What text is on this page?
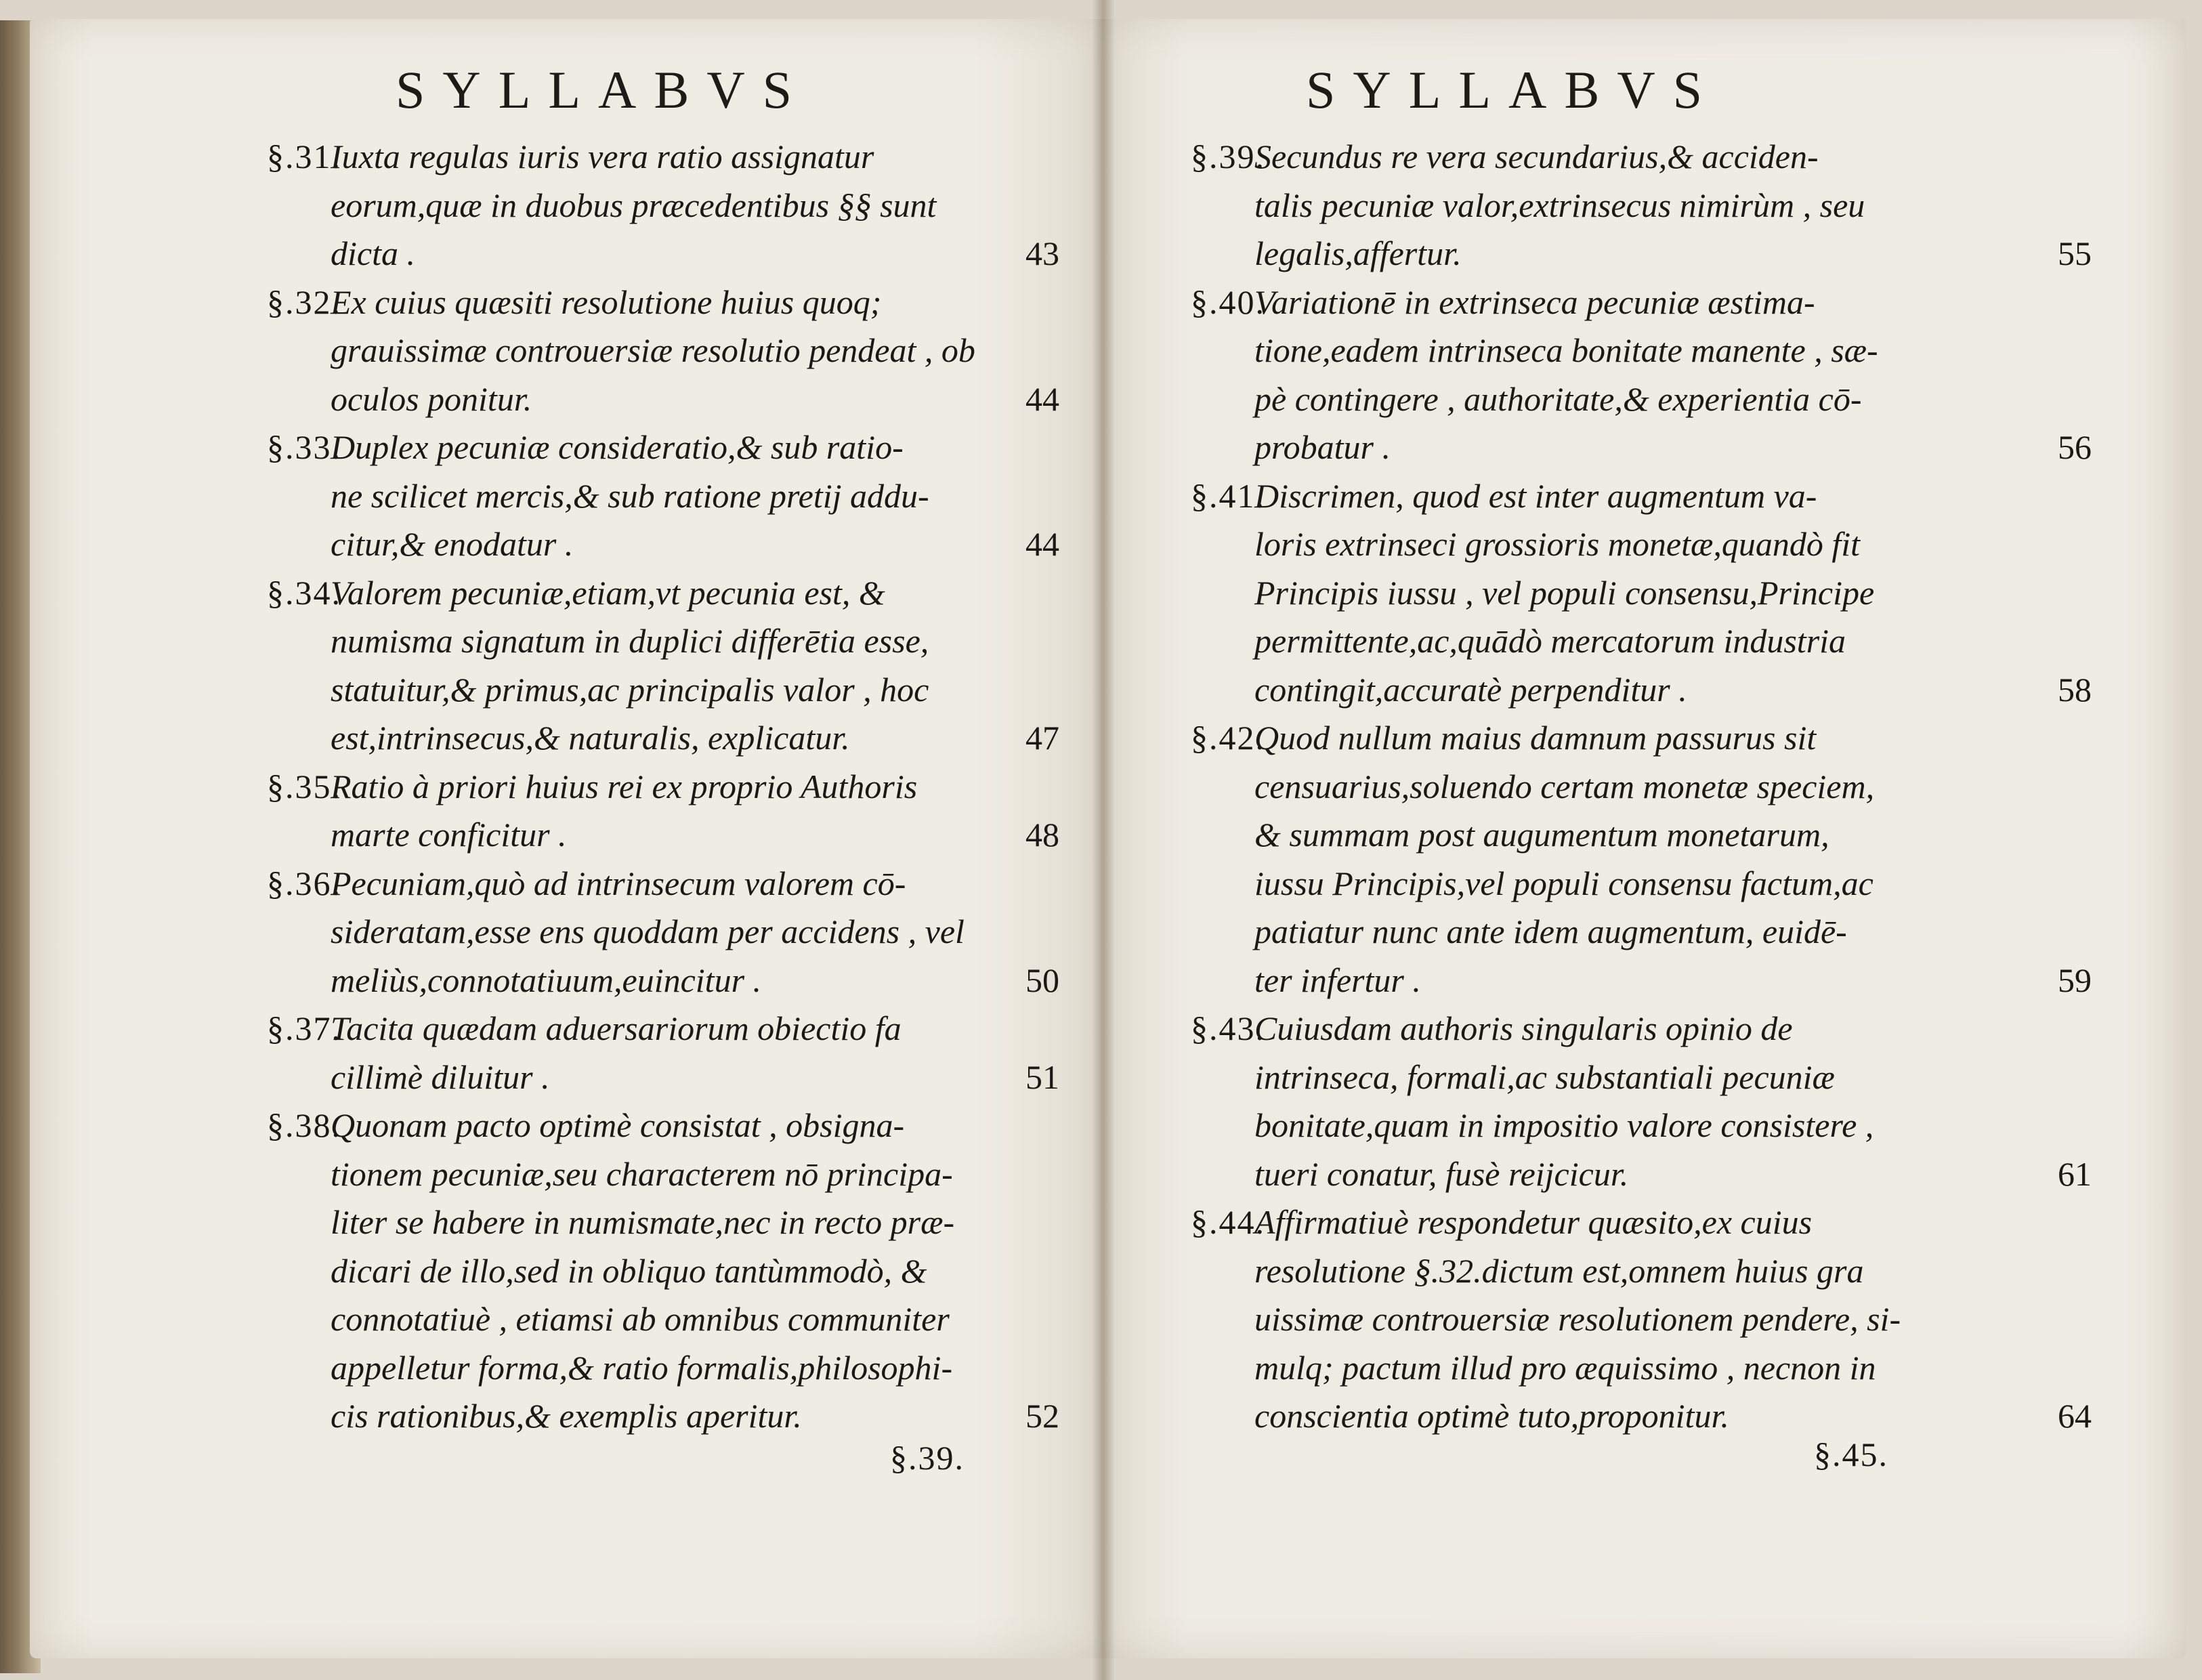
SYLLABVS
§.31.
Iuxta regulas iuris vera ratio assignatur
eorum,quæ in duobus præcedentibus §§ sunt
dicta .	43
§.32.
Ex cuius quæsiti resolutione huius quoq;
grauissimæ controuersiæ resolutio pendeat , ob
oculos ponitur.	44
§.33.
Duplex pecuniæ consideratio,& sub ratio-
ne scilicet mercis,& sub ratione pretij addu-
citur,& enodatur .	44
§.34.
Valorem pecuniæ,etiam,vt pecunia est, &
numisma signatum in duplici differētia esse,
statuitur,& primus,ac principalis valor , hoc
est,intrinsecus,& naturalis, explicatur.	47
§.35.
Ratio à priori huius rei ex proprio Authoris
marte conficitur .	48
§.36.
Pecuniam,quò ad intrinsecum valorem cō-
sideratam,esse ens quoddam per accidens , vel
meliùs,connotatiuum,euincitur .	50
§.37.
Tacita quædam aduersariorum obiectio fa
cillimè diluitur .	51
§.38.
Quonam pacto optimè consistat , obsigna-
tionem pecuniæ,seu characterem nō principa-
liter se habere in numismate,nec in recto præ-
dicari de illo,sed in obliquo tantùmmodò, &
connotatiuè , etiamsi ab omnibus communiter
appelletur forma,& ratio formalis,philosophi-
cis rationibus,& exemplis aperitur.	52
§.39.
SYLLABVS
§.39.
Secundus re vera secundarius,& acciden-
talis pecuniæ valor,extrinsecus nimirùm , seu
legalis,affertur.	55
§.40.
Variationē in extrinseca pecuniæ æstima-
tione,eadem intrinseca bonitate manente , sæ-
pè contingere , authoritate,& experientia cō-
probatur .	56
§.41.
Discrimen, quod est inter augmentum va-
loris extrinseci grossioris monetæ,quandò fit
Principis iussu , vel populi consensu,Principe
permittente,ac,quādò mercatorum industria
contingit,accuratè perpenditur .	58
§.42.
Quod nullum maius damnum passurus sit
censuarius,soluendo certam monetæ speciem,
& summam post augumentum monetarum,
iussu Principis,vel populi consensu factum,ac
patiatur nunc ante idem augmentum, euidē-
ter infertur .	59
§.43.
Cuiusdam authoris singularis opinio de
intrinseca, formali,ac substantiali pecuniæ
bonitate,quam in impositio valore consistere ,
tueri conatur, fusè reijcicur.	61
§.44.
Affirmatiuè respondetur quæsito,ex cuius
resolutione §.32.dictum est,omnem huius gra
uissimæ controuersiæ resolutionem pendere, si-
mulq; pactum illud pro æquissimo , necnon in
conscientia optimè tuto,proponitur.	64
§.45.
